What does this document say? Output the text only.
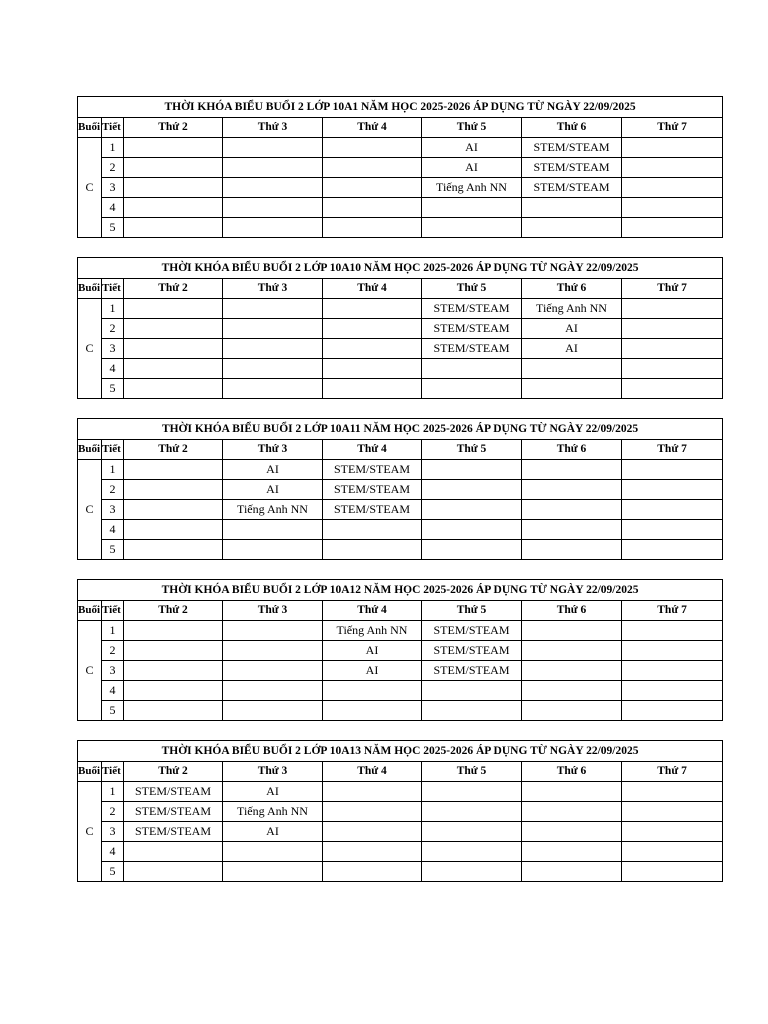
THỜI KHÓA BIỂU BUỔI 2 LỚP 10A1 NĂM HỌC 2025-2026 ÁP DỤNG TỪ NGÀY 22/09/2025							
Buổi	Tiết	Thứ 2	Thứ 3	Thứ 4	Thứ 5	Thứ 6	Thứ 7
C	1				AI	STEM/STEAM	
	2				AI	STEM/STEAM	
	3				Tiếng Anh NN	STEM/STEAM	
	4						
	5						
THỜI KHÓA BIỂU BUỔI 2 LỚP 10A10 NĂM HỌC 2025-2026 ÁP DỤNG TỪ NGÀY 22/09/2025							
Buổi	Tiết	Thứ 2	Thứ 3	Thứ 4	Thứ 5	Thứ 6	Thứ 7
C	1				STEM/STEAM	Tiếng Anh NN	
	2				STEM/STEAM	AI	
	3				STEM/STEAM	AI	
	4						
	5						
THỜI KHÓA BIỂU BUỔI 2 LỚP 10A11 NĂM HỌC 2025-2026 ÁP DỤNG TỪ NGÀY 22/09/2025							
Buổi	Tiết	Thứ 2	Thứ 3	Thứ 4	Thứ 5	Thứ 6	Thứ 7
C	1		AI	STEM/STEAM			
	2		AI	STEM/STEAM			
	3		Tiếng Anh NN	STEM/STEAM			
	4						
	5						
THỜI KHÓA BIỂU BUỔI 2 LỚP 10A12 NĂM HỌC 2025-2026 ÁP DỤNG TỪ NGÀY 22/09/2025							
Buổi	Tiết	Thứ 2	Thứ 3	Thứ 4	Thứ 5	Thứ 6	Thứ 7
C	1			Tiếng Anh NN	STEM/STEAM		
	2			AI	STEM/STEAM		
	3			AI	STEM/STEAM		
	4						
	5						
THỜI KHÓA BIỂU BUỔI 2 LỚP 10A13 NĂM HỌC 2025-2026 ÁP DỤNG TỪ NGÀY 22/09/2025							
Buổi	Tiết	Thứ 2	Thứ 3	Thứ 4	Thứ 5	Thứ 6	Thứ 7
C	1	STEM/STEAM	AI				
	2	STEM/STEAM	Tiếng Anh NN				
	3	STEM/STEAM	AI				
	4						
	5						
